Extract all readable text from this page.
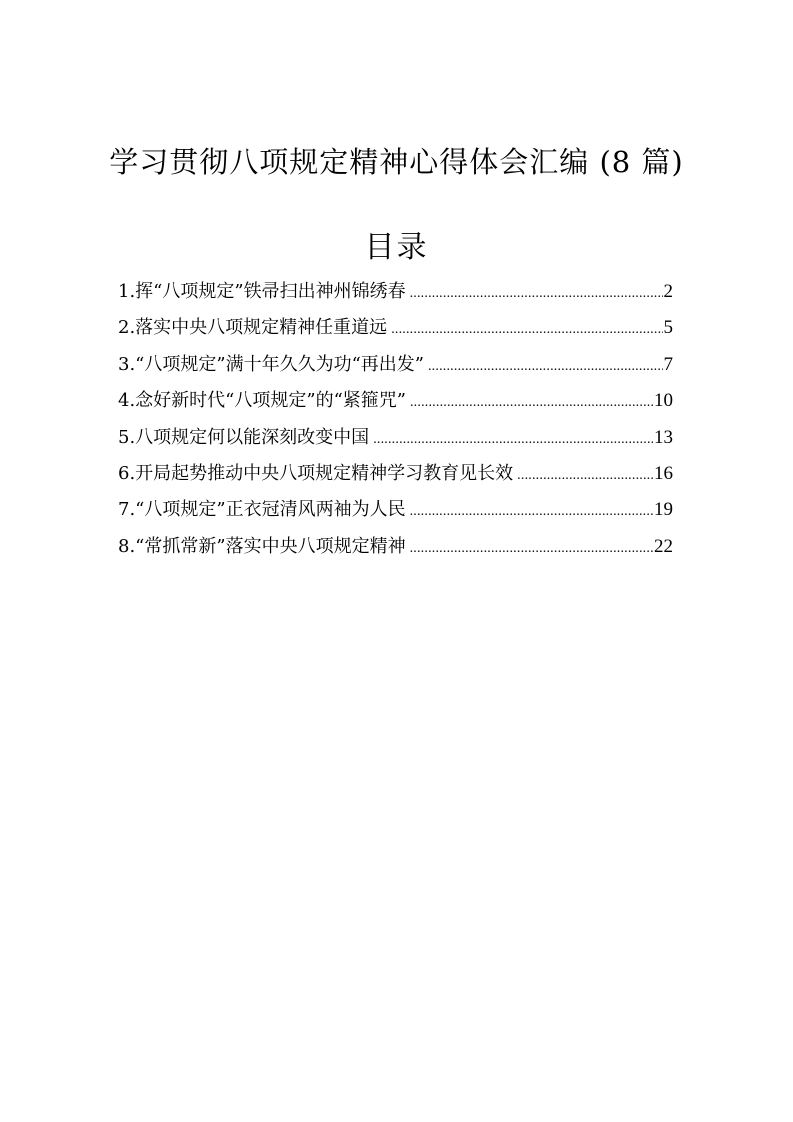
学习贯彻八项规定精神心得体会汇编 (8 篇)
目录
1.挥“八项规定”铁帚扫出神州锦绣春 .....	2
2.落实中央八项规定精神任重道远 .....	5
3.“八项规定”满十年久久为功“再出发” .....	7
4.念好新时代“八项规定”的“紧箍咒” .....	10
5.八项规定何以能深刻改变中国 .....	13
6.开局起势推动中央八项规定精神学习教育见长效 .....	16
7.“八项规定”正衣冠清风两袖为人民 .....	19
8.“常抓常新”落实中央八项规定精神 .....	22
